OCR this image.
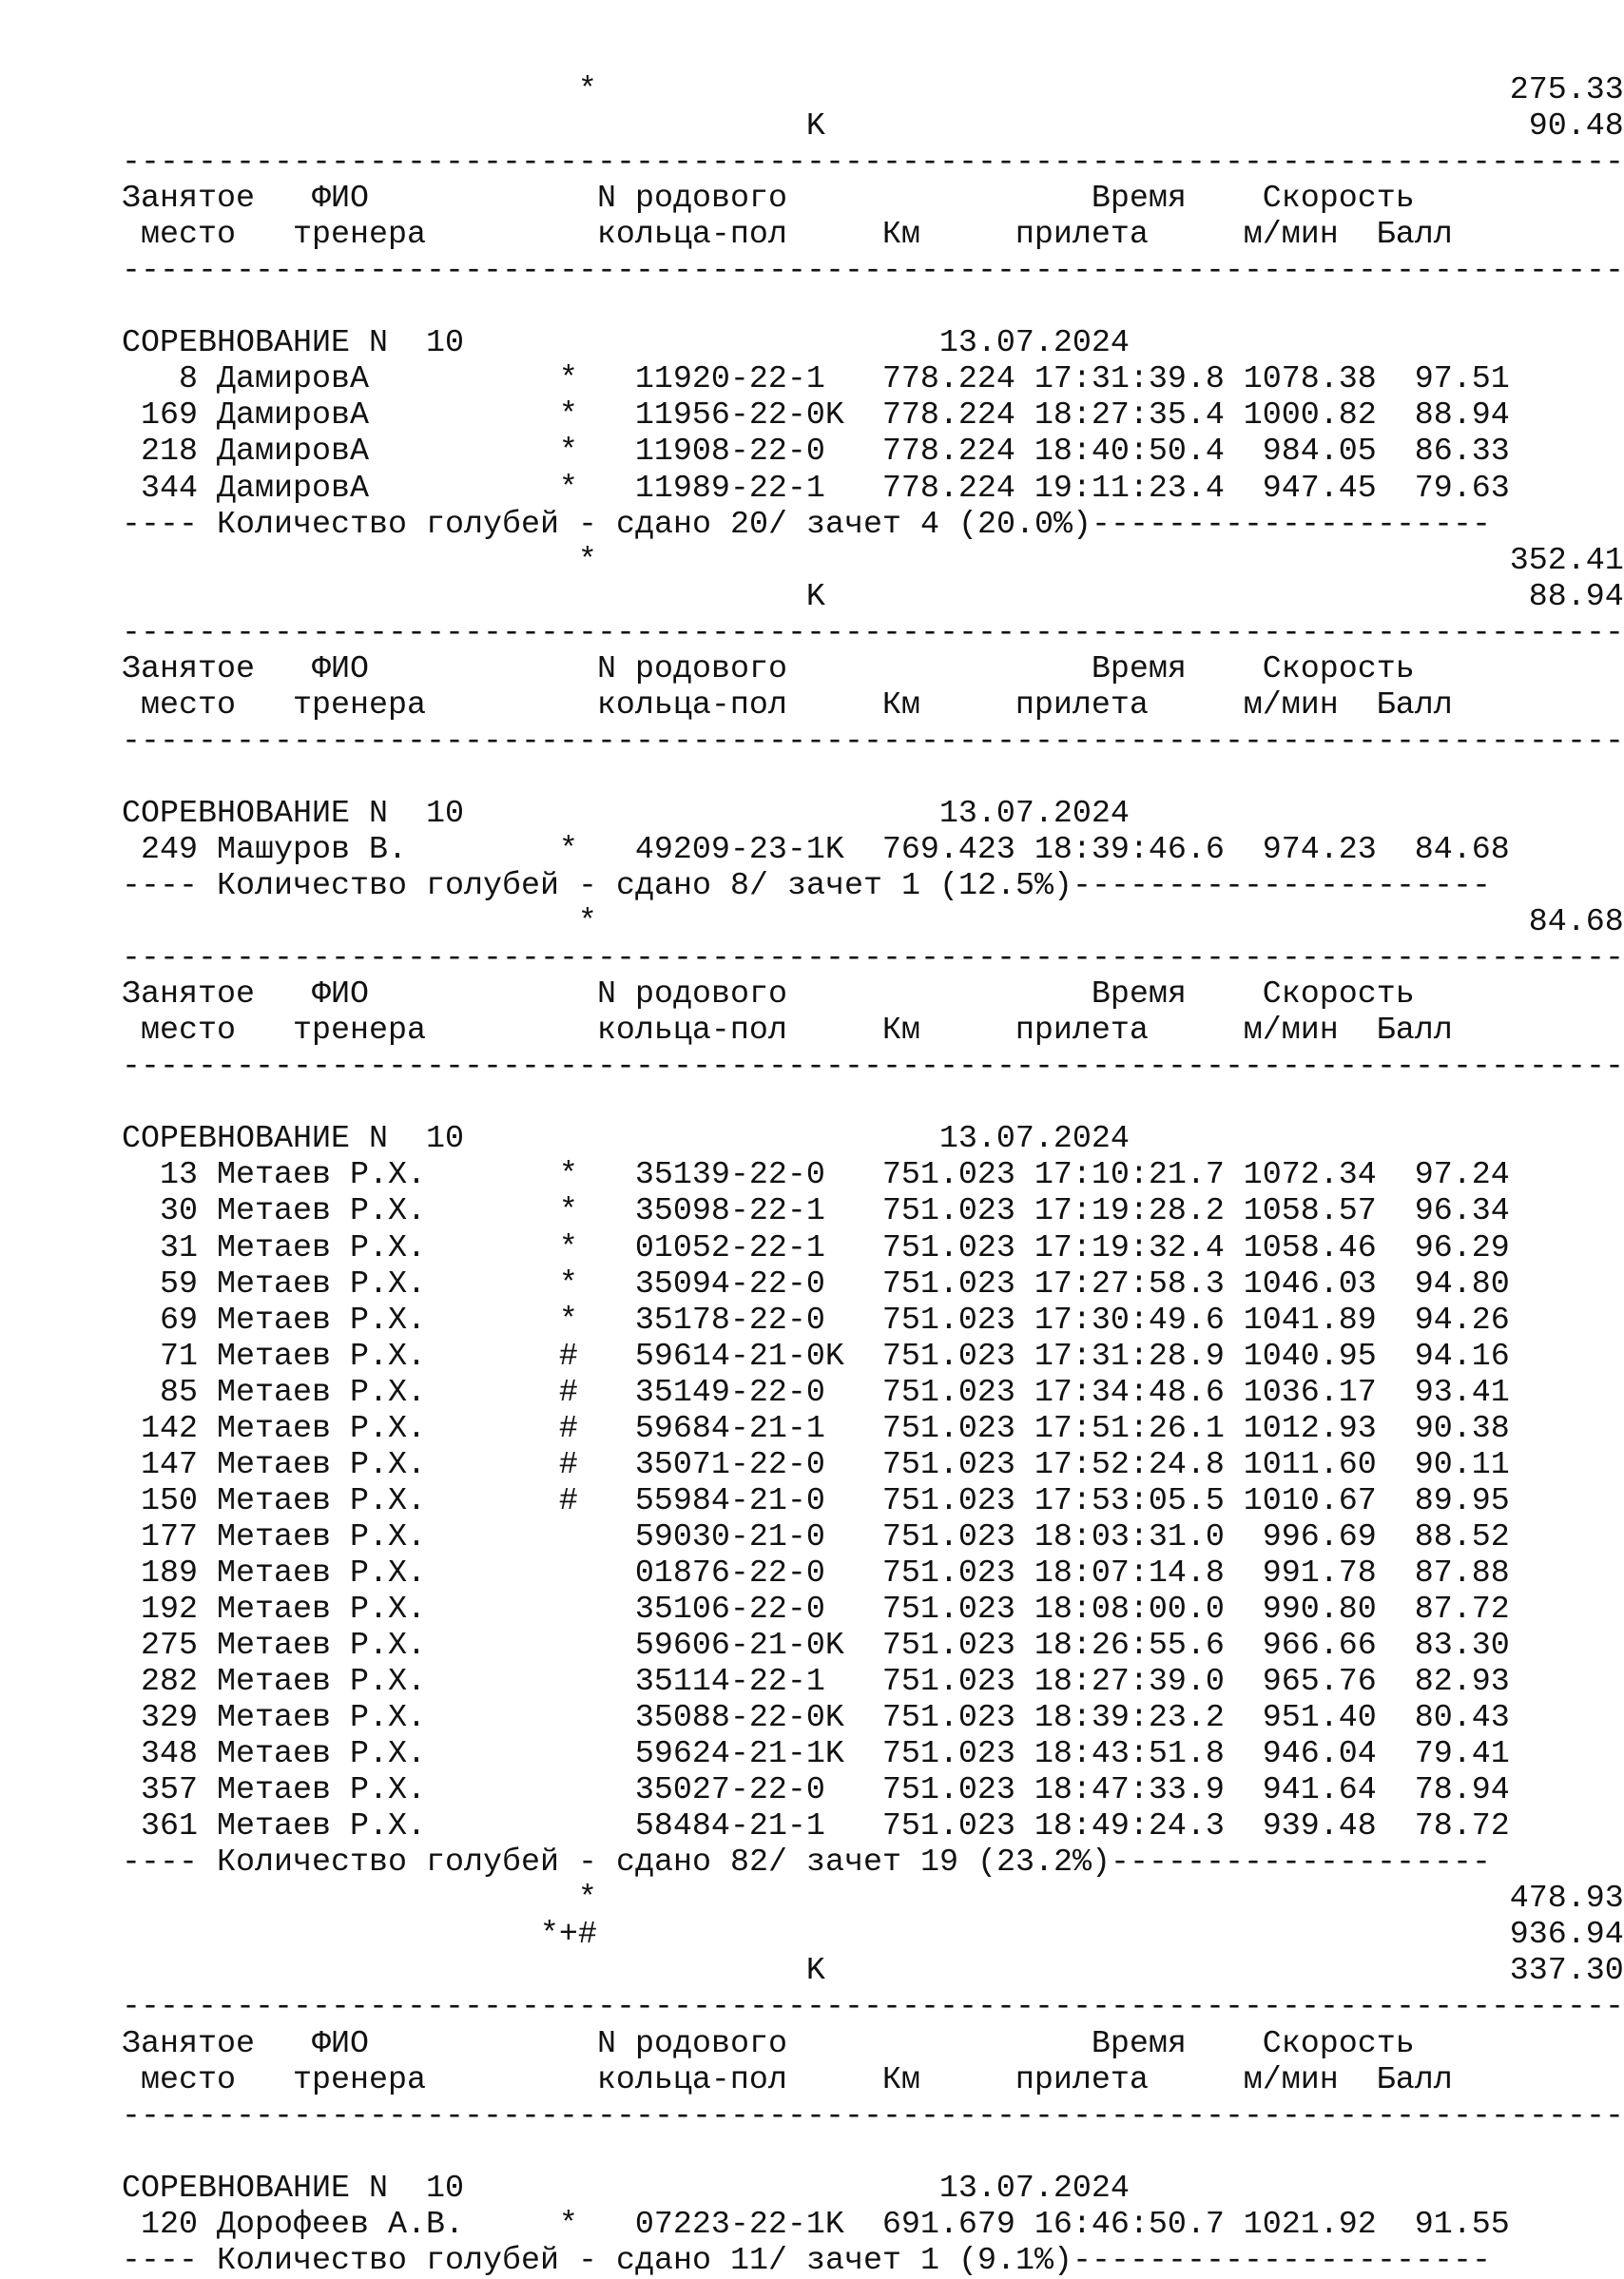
*	275.33
K	90.48
-------------------------------------------------------------------------------
Занятое ФИО	N родового	Время Скорость
место тренера	кольца-пол	Км	прилета	м/мин Балл
-------------------------------------------------------------------------------
СОРЕВНОВАНИЕ N  10	13.07.2024
8 ДамировА	* 11920-22-1 778.224 17:31:39.8 1078.38 97.51
169 ДамировА	* 11956-22-0K 778.224 18:27:35.4 1000.82 88.94
218 ДамировА	* 11908-22-0 778.224 18:40:50.4 984.05 86.33
344 ДамировА	* 11989-22-1 778.224 19:11:23.4 947.45 79.63
---- Количество голубей - сдано 20/ зачет 4 (20.0%)---------------------
*	352.41
K	88.94
-------------------------------------------------------------------------------
Занятое ФИО	N родового	Время Скорость
место тренера	кольца-пол	Км	прилета	м/мин Балл
-------------------------------------------------------------------------------
СОРЕВНОВАНИЕ N  10	13.07.2024
249 Машуров В.	* 49209-23-1K 769.423 18:39:46.6 974.23 84.68
---- Количество голубей - сдано 8/ зачет 1 (12.5%)----------------------
*	84.68
-------------------------------------------------------------------------------
Занятое ФИО	N родового	Время Скорость
место тренера	кольца-пол	Км	прилета	м/мин Балл
-------------------------------------------------------------------------------
СОРЕВНОВАНИЕ N  10	13.07.2024
13 Метаев Р.Х.	* 35139-22-0 751.023 17:10:21.7 1072.34 97.24
30 Метаев Р.Х.	* 35098-22-1 751.023 17:19:28.2 1058.57 96.34
31 Метаев Р.Х.	* 01052-22-1 751.023 17:19:32.4 1058.46 96.29
59 Метаев Р.Х.	* 35094-22-0 751.023 17:27:58.3 1046.03 94.80
69 Метаев Р.Х.	* 35178-22-0 751.023 17:30:49.6 1041.89 94.26
71 Метаев Р.Х.	# 59614-21-0K 751.023 17:31:28.9 1040.95 94.16
85 Метаев Р.Х.	# 35149-22-0 751.023 17:34:48.6 1036.17 93.41
142 Метаев Р.Х.	# 59684-21-1 751.023 17:51:26.1 1012.93 90.38
147 Метаев Р.Х.	# 35071-22-0 751.023 17:52:24.8 1011.60 90.11
150 Метаев Р.Х.	# 55984-21-0 751.023 17:53:05.5 1010.67 89.95
177 Метаев Р.Х.	59030-21-0 751.023 18:03:31.0 996.69 88.52
189 Метаев Р.Х.	01876-22-0 751.023 18:07:14.8 991.78 87.88
192 Метаев Р.Х.	35106-22-0 751.023 18:08:00.0 990.80 87.72
275 Метаев Р.Х.	59606-21-0K 751.023 18:26:55.6 966.66 83.30
282 Метаев Р.Х.	35114-22-1 751.023 18:27:39.0 965.76 82.93
329 Метаев Р.Х.	35088-22-0K 751.023 18:39:23.2 951.40 80.43
348 Метаев Р.Х.	59624-21-1K 751.023 18:43:51.8 946.04 79.41
357 Метаев Р.Х.	35027-22-0 751.023 18:47:33.9 941.64 78.94
361 Метаев Р.Х.	58484-21-1 751.023 18:49:24.3 939.48 78.72
---- Количество голубей - сдано 82/ зачет 19 (23.2%)--------------------
*	478.93
*+#	936.94
K	337.30
-------------------------------------------------------------------------------
Занятое ФИО	N родового	Время Скорость
место тренера	кольца-пол	Км	прилета	м/мин Балл
-------------------------------------------------------------------------------
СОРЕВНОВАНИЕ N  10	13.07.2024
120 Дорофеев А.В.	* 07223-22-1K 691.679 16:46:50.7 1021.92 91.55
---- Количество голубей - сдано 11/ зачет 1 (9.1%)----------------------
